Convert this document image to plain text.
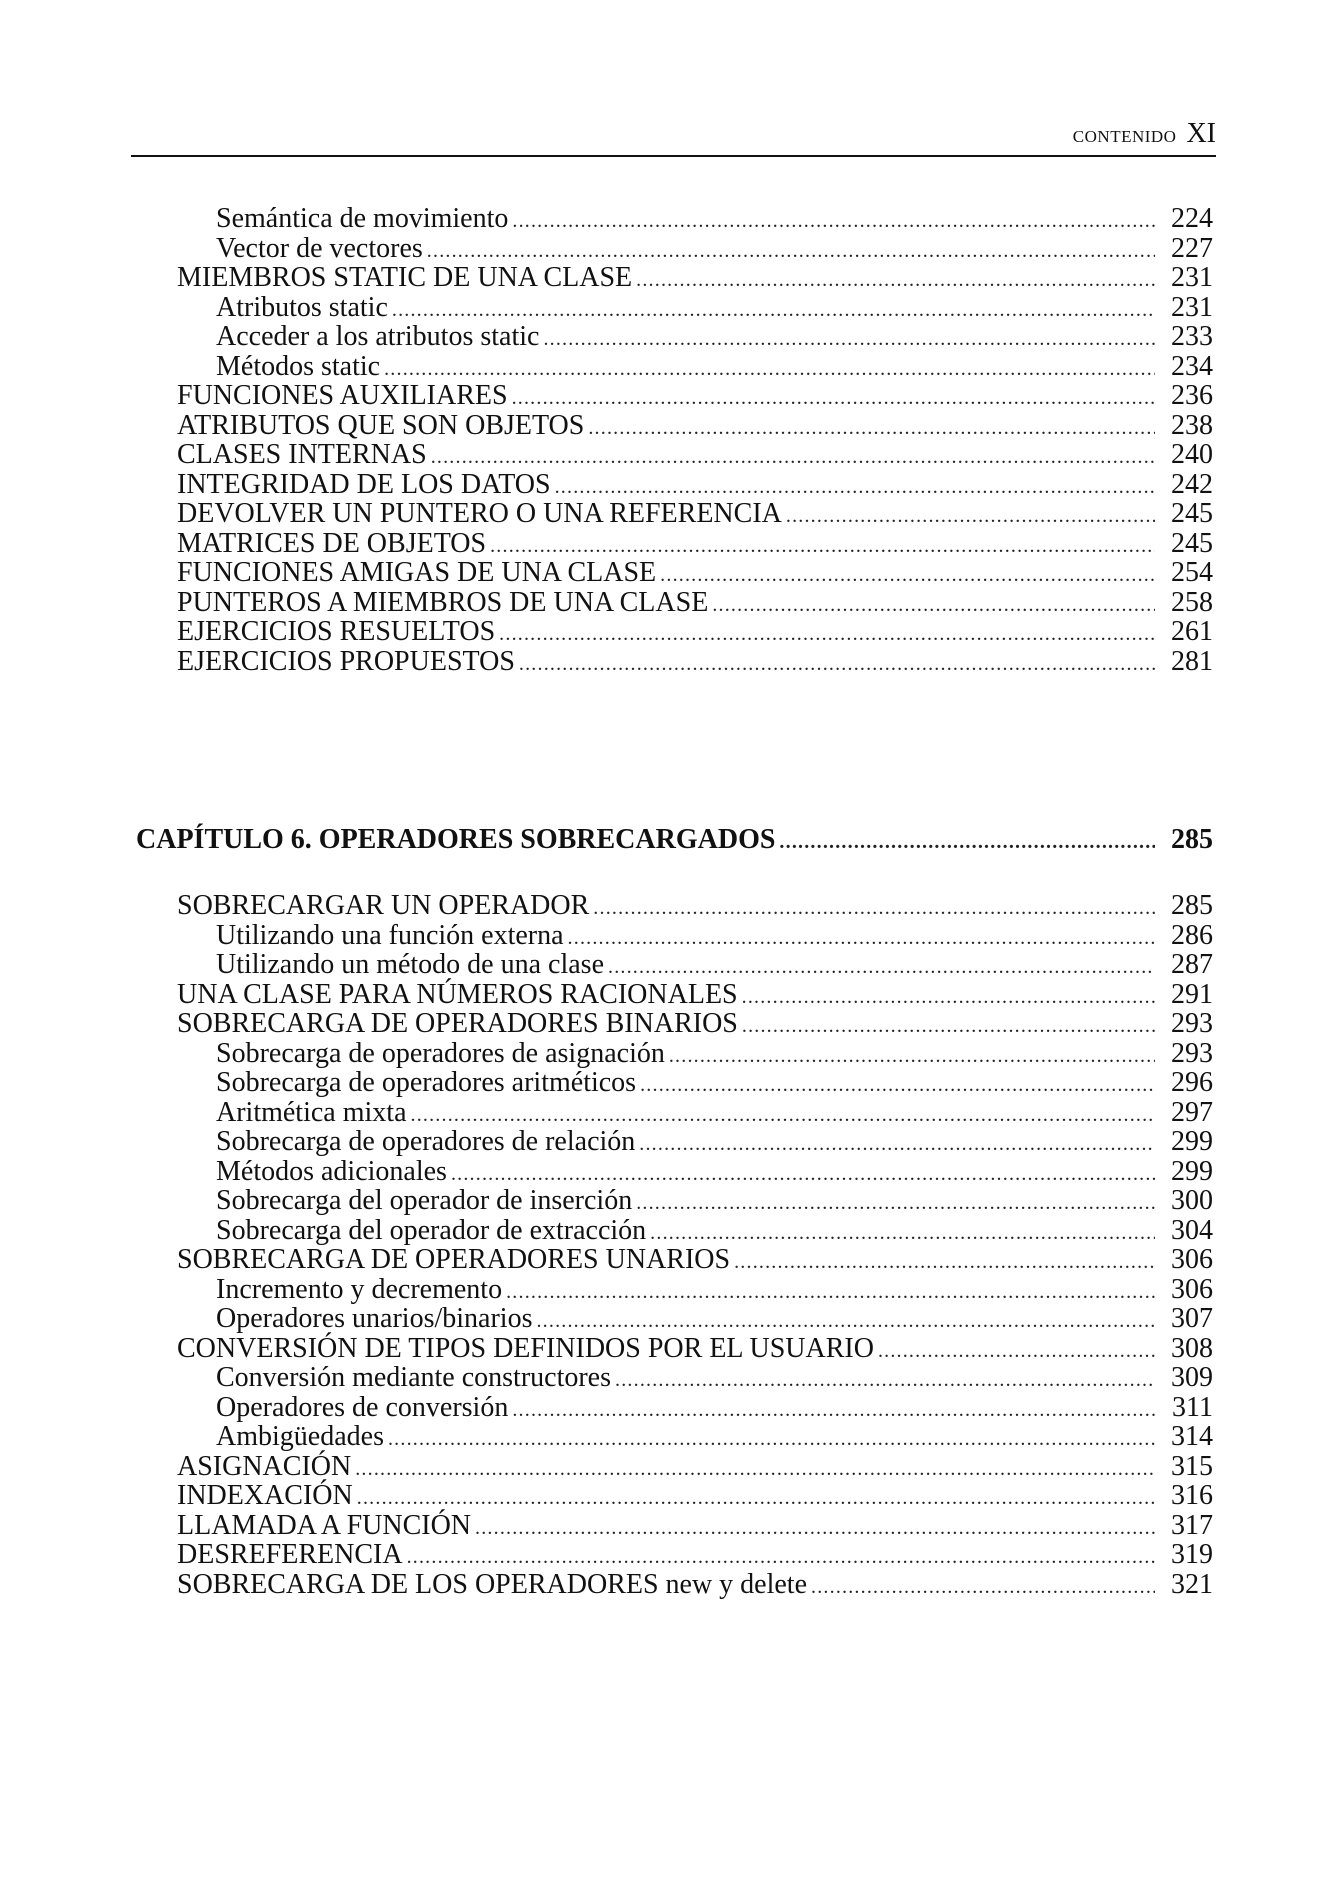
CONTENIDO XI
Semántica de movimiento .....	224
Vector de vectores .....	227
MIEMBROS STATIC DE UNA CLASE .....	231
Atributos static .....	231
Acceder a los atributos static .....	233
Métodos static .....	234
FUNCIONES AUXILIARES .....	236
ATRIBUTOS QUE SON OBJETOS .....	238
CLASES INTERNAS .....	240
INTEGRIDAD DE LOS DATOS .....	242
DEVOLVER UN PUNTERO O UNA REFERENCIA .....	245
MATRICES DE OBJETOS .....	245
FUNCIONES AMIGAS DE UNA CLASE .....	254
PUNTEROS A MIEMBROS DE UNA CLASE .....	258
EJERCICIOS RESUELTOS .....	261
EJERCICIOS PROPUESTOS .....	281
CAPÍTULO 6. OPERADORES SOBRECARGADOS .....	285
SOBRECARGAR UN OPERADOR .....	285
Utilizando una función externa .....	286
Utilizando un método de una clase .....	287
UNA CLASE PARA NÚMEROS RACIONALES .....	291
SOBRECARGA DE OPERADORES BINARIOS .....	293
Sobrecarga de operadores de asignación .....	293
Sobrecarga de operadores aritméticos .....	296
Aritmética mixta .....	297
Sobrecarga de operadores de relación .....	299
Métodos adicionales .....	299
Sobrecarga del operador de inserción .....	300
Sobrecarga del operador de extracción .....	304
SOBRECARGA DE OPERADORES UNARIOS .....	306
Incremento y decremento .....	306
Operadores unarios/binarios .....	307
CONVERSIÓN DE TIPOS DEFINIDOS POR EL USUARIO .....	308
Conversión mediante constructores .....	309
Operadores de conversión .....	311
Ambigüedades .....	314
ASIGNACIÓN .....	315
INDEXACIÓN .....	316
LLAMADA A FUNCIÓN .....	317
DESREFERENCIA .....	319
SOBRECARGA DE LOS OPERADORES new y delete .....	321
